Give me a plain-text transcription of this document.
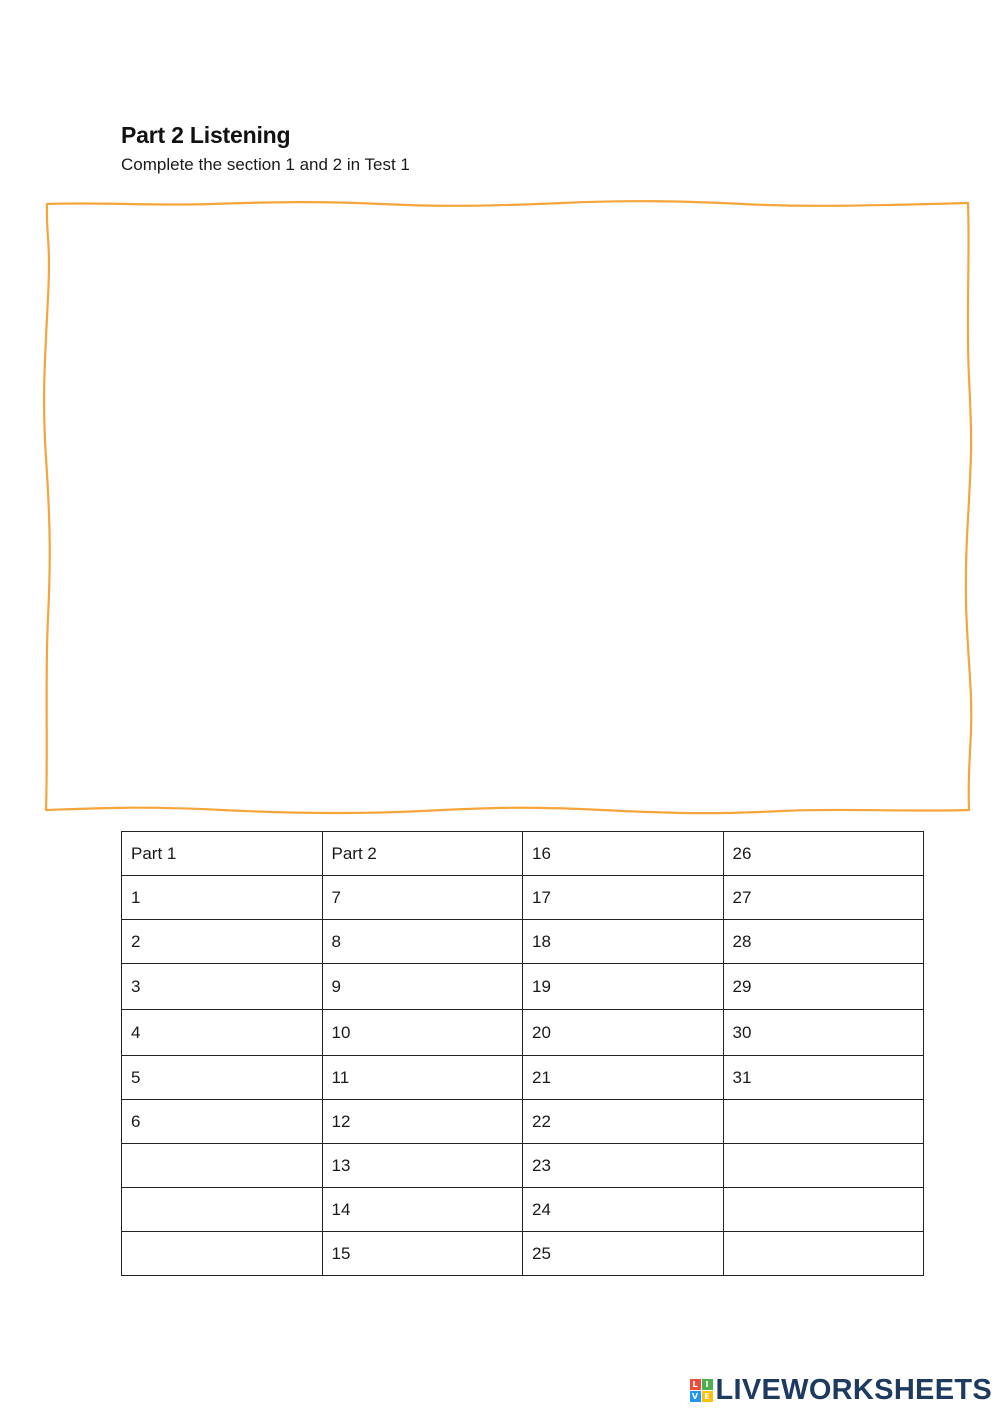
Part 2 Listening

Complete the section 1 and 2 in Test 1

Part 1	Part 2	16	26
1	7	17	27
2	8	18	28
3	9	19	29
4	10	20	30
5	11	21	31
6	12	22	
	13	23	
	14	24	
	15	25	
L I
V E LIVEWORKSHEETS
